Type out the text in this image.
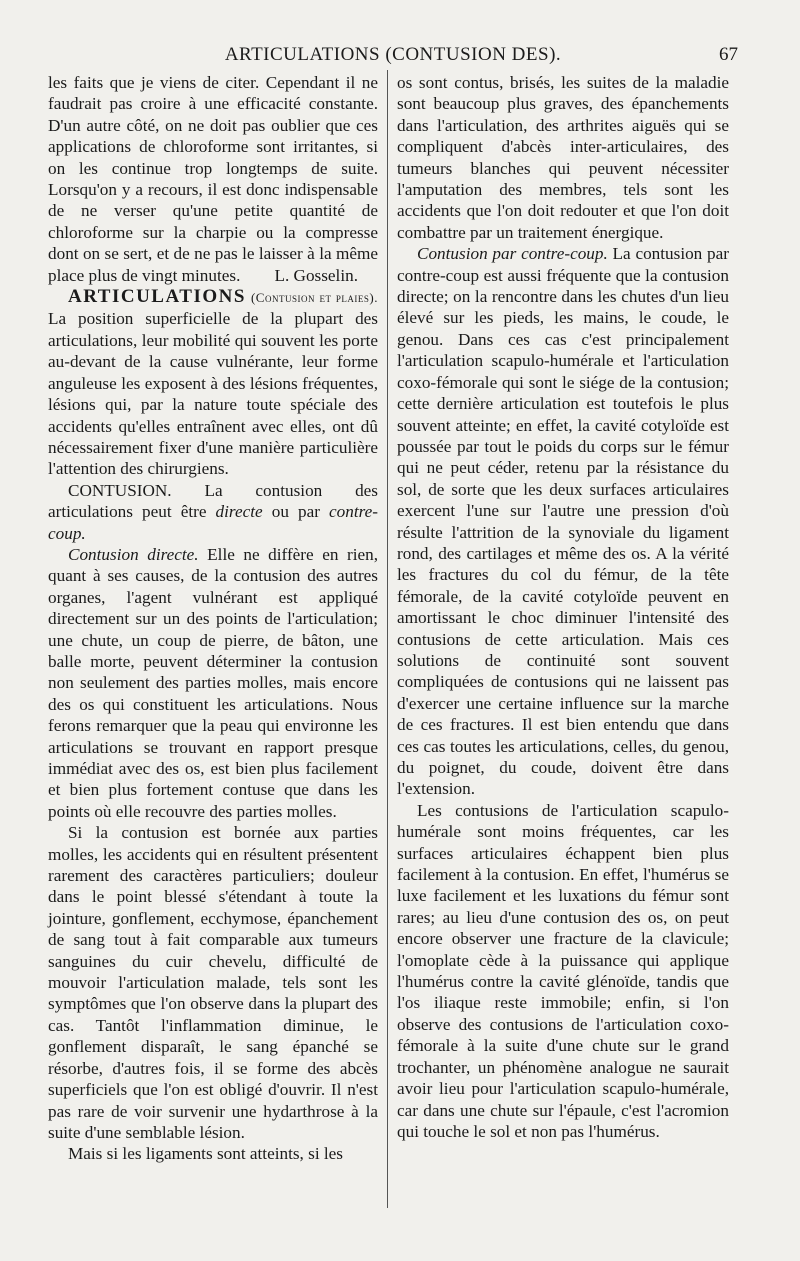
ARTICULATIONS (CONTUSION DES).	67

les faits que je viens de citer. Cependant il ne faudrait pas croire à une efficacité constante. D'un autre côté, on ne doit pas oublier que ces applications de chloroforme sont irritantes, si on les continue trop longtemps de suite. Lorsqu'on y a recours, il est donc indispensable de ne verser qu'une petite quantité de chloroforme sur la charpie ou la compresse dont on se sert, et de ne pas le laisser à la même place plus de vingt minutes. L. Gosselin.

ARTICULATIONS (Contusion et plaies). La position superficielle de la plupart des articulations, leur mobilité qui souvent les porte au-devant de la cause vulnérante, leur forme anguleuse les exposent à des lésions fréquentes, lésions qui, par la nature toute spéciale des accidents qu'elles entraînent avec elles, ont dû nécessairement fixer d'une manière particulière l'attention des chirurgiens.

CONTUSION. La contusion des articulations peut être directe ou par contre-coup.

Contusion directe. Elle ne diffère en rien, quant à ses causes, de la contusion des autres organes, l'agent vulnérant est appliqué directement sur un des points de l'articulation; une chute, un coup de pierre, de bâton, une balle morte, peuvent déterminer la contusion non seulement des parties molles, mais encore des os qui constituent les articulations. Nous ferons remarquer que la peau qui environne les articulations se trouvant en rapport presque immédiat avec des os, est bien plus facilement et bien plus fortement contuse que dans les points où elle recouvre des parties molles.

Si la contusion est bornée aux parties molles, les accidents qui en résultent présentent rarement des caractères particuliers; douleur dans le point blessé s'étendant à toute la jointure, gonflement, ecchymose, épanchement de sang tout à fait comparable aux tumeurs sanguines du cuir chevelu, difficulté de mouvoir l'articulation malade, tels sont les symptômes que l'on observe dans la plupart des cas. Tantôt l'inflammation diminue, le gonflement disparaît, le sang épanché se résorbe, d'autres fois, il se forme des abcès superficiels que l'on est obligé d'ouvrir. Il n'est pas rare de voir survenir une hydarthrose à la suite d'une semblable lésion.

Mais si les ligaments sont atteints, si les

os sont contus, brisés, les suites de la maladie sont beaucoup plus graves, des épanchements dans l'articulation, des arthrites aiguës qui se compliquent d'abcès inter-articulaires, des tumeurs blanches qui peuvent nécessiter l'amputation des membres, tels sont les accidents que l'on doit redouter et que l'on doit combattre par un traitement énergique.

Contusion par contre-coup. La contusion par contre-coup est aussi fréquente que la contusion directe; on la rencontre dans les chutes d'un lieu élevé sur les pieds, les mains, le coude, le genou. Dans ces cas c'est principalement l'articulation scapulo-humérale et l'articulation coxo-fémorale qui sont le siége de la contusion; cette dernière articulation est toutefois le plus souvent atteinte; en effet, la cavité cotyloïde est poussée par tout le poids du corps sur le fémur qui ne peut céder, retenu par la résistance du sol, de sorte que les deux surfaces articulaires exercent l'une sur l'autre une pression d'où résulte l'attrition de la synoviale du ligament rond, des cartilages et même des os. A la vérité les fractures du col du fémur, de la tête fémorale, de la cavité cotyloïde peuvent en amortissant le choc diminuer l'intensité des contusions de cette articulation. Mais ces solutions de continuité sont souvent compliquées de contusions qui ne laissent pas d'exercer une certaine influence sur la marche de ces fractures. Il est bien entendu que dans ces cas toutes les articulations, celles, du genou, du poignet, du coude, doivent être dans l'extension.

Les contusions de l'articulation scapulo-humérale sont moins fréquentes, car les surfaces articulaires échappent bien plus facilement à la contusion. En effet, l'humérus se luxe facilement et les luxations du fémur sont rares; au lieu d'une contusion des os, on peut encore observer une fracture de la clavicule; l'omoplate cède à la puissance qui applique l'humérus contre la cavité glénoïde, tandis que l'os iliaque reste immobile; enfin, si l'on observe des contusions de l'articulation coxo-fémorale à la suite d'une chute sur le grand trochanter, un phénomène analogue ne saurait avoir lieu pour l'articulation scapulo-humérale, car dans une chute sur l'épaule, c'est l'acromion qui touche le sol et non pas l'humérus.
